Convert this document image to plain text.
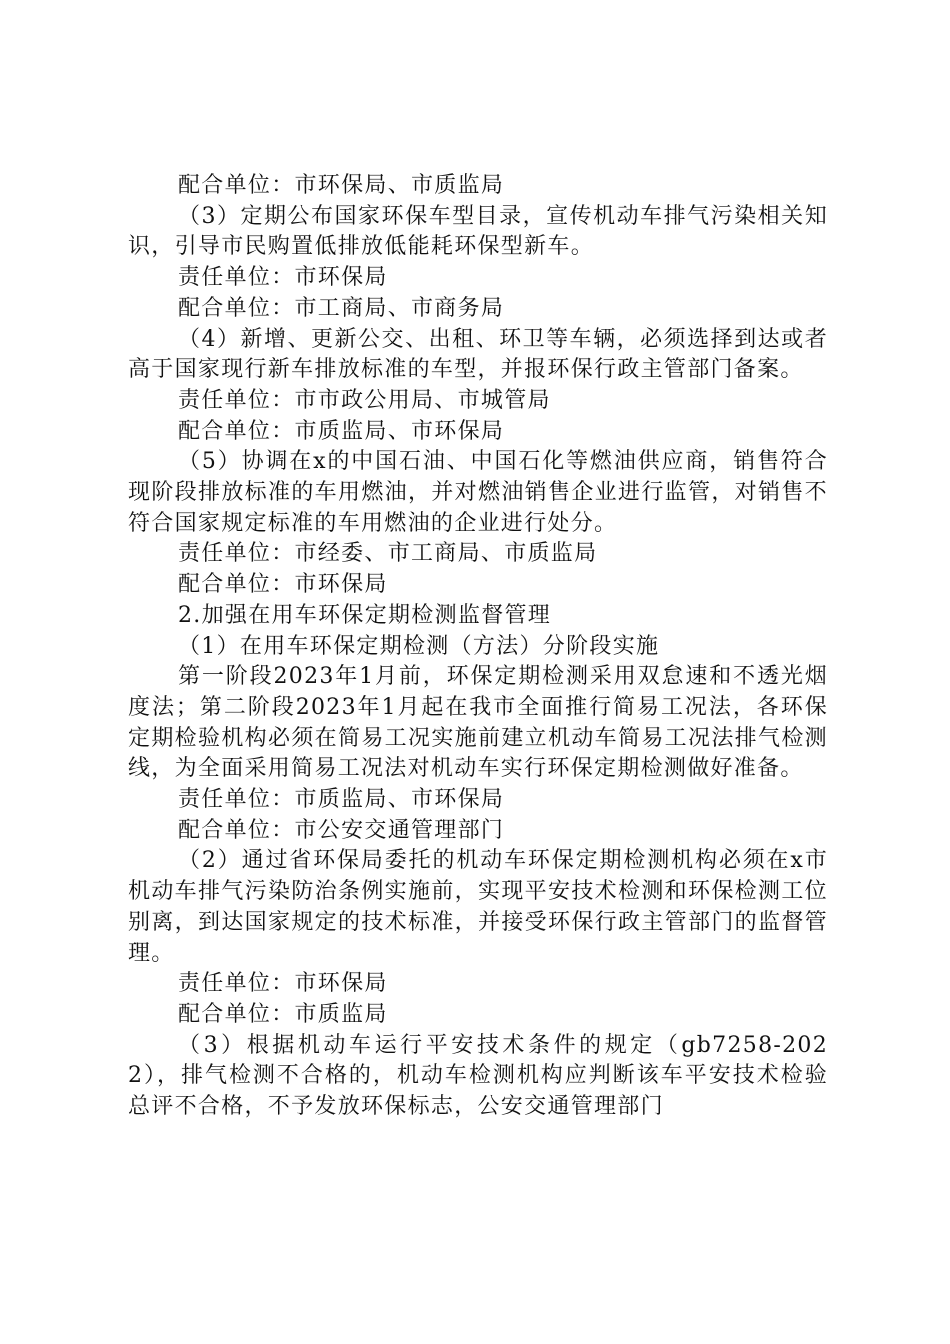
配合单位：市环保局、市质监局

（3）定期公布国家环保车型目录，宣传机动车排气污染相关知识，引导市民购置低排放低能耗环保型新车。

责任单位：市环保局

配合单位：市工商局、市商务局

（4）新增、更新公交、出租、环卫等车辆，必须选择到达或者高于国家现行新车排放标准的车型，并报环保行政主管部门备案。

责任单位：市市政公用局、市城管局

配合单位：市质监局、市环保局

（5）协调在x的中国石油、中国石化等燃油供应商，销售符合现阶段排放标准的车用燃油，并对燃油销售企业进行监管，对销售不符合国家规定标准的车用燃油的企业进行处分。

责任单位：市经委、市工商局、市质监局

配合单位：市环保局

2.加强在用车环保定期检测监督管理

（1）在用车环保定期检测（方法）分阶段实施

第一阶段2023年1月前，环保定期检测采用双怠速和不透光烟度法；第二阶段2023年1月起在我市全面推行简易工况法，各环保定期检验机构必须在简易工况实施前建立机动车简易工况法排气检测线，为全面采用简易工况法对机动车实行环保定期检测做好准备。

责任单位：市质监局、市环保局

配合单位：市公安交通管理部门

（2）通过省环保局委托的机动车环保定期检测机构必须在x市机动车排气污染防治条例实施前，实现平安技术检测和环保检测工位别离，到达国家规定的技术标准，并接受环保行政主管部门的监督管理。

责任单位：市环保局

配合单位：市质监局

（3）根据机动车运行平安技术条件的规定（gb7258-2022），排气检测不合格的，机动车检测机构应判断该车平安技术检验总评不合格，不予发放环保标志，公安交通管理部门
